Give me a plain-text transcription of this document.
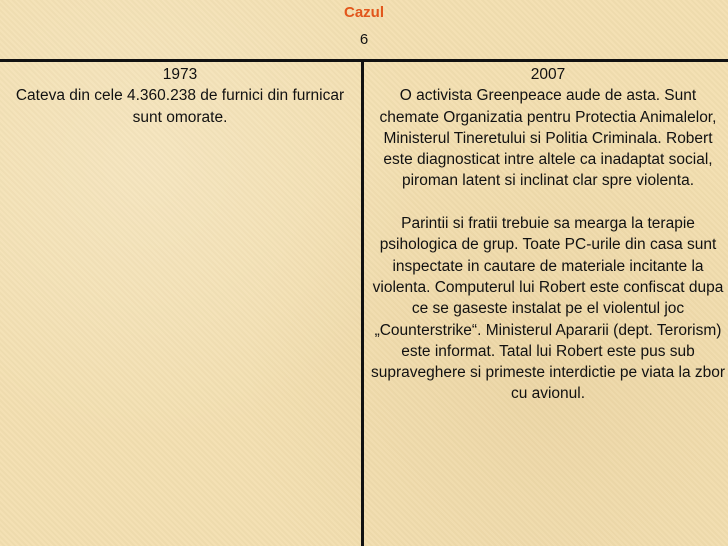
Cazul
6

1973

Cateva din cele 4.360.238 de furnici din furnicar sunt omorate.

2007

O activista Greenpeace aude de asta. Sunt chemate Organizatia pentru Protectia Animalelor, Ministerul Tineretului si Politia Criminala. Robert este diagnosticat intre altele ca inadaptat social, piroman latent si inclinat clar spre violenta.

Parintii si fratii trebuie sa mearga la terapie psihologica de grup. Toate PC-urile din casa sunt inspectate in cautare de materiale incitante la violenta. Computerul lui Robert este confiscat dupa ce se gaseste instalat pe el violentul joc „Counterstrike“. Ministerul Apararii (dept. Terorism) este informat. Tatal lui Robert este pus sub supraveghere si primeste interdictie pe viata la zbor cu avionul.
